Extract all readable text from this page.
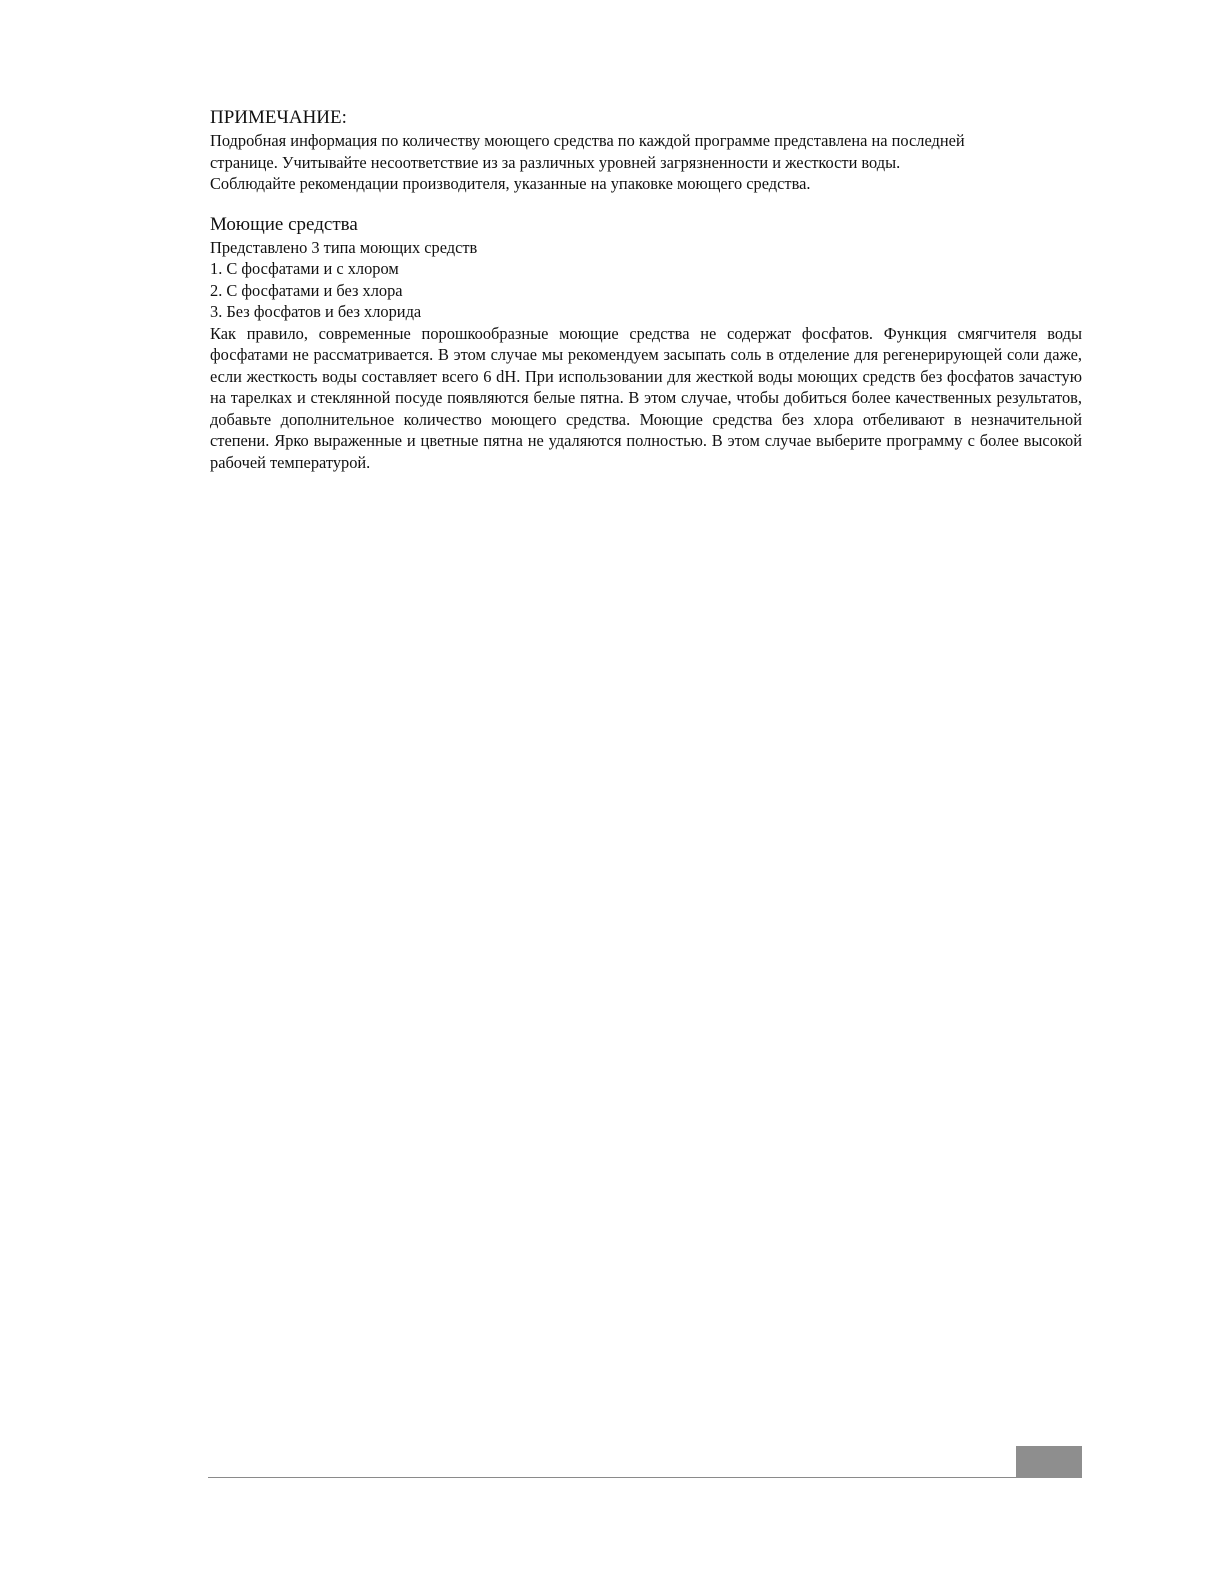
ПРИМЕЧАНИЕ:

Подробная информация по количеству моющего средства по каждой программе представлена на последней
странице. Учитывайте несоответствие из за различных уровней загрязненности и жесткости воды.
Соблюдайте рекомендации производителя, указанные на упаковке моющего средства.

Моющие средства

Представлено 3 типа моющих средств

1. С фосфатами и с хлором
2. С фосфатами и без хлора
3. Без фосфатов и без хлорида

Как правило, современные порошкообразные моющие средства не содержат фосфатов. Функция смягчителя воды фосфатами не рассматривается. В этом случае мы рекомендуем засыпать соль в отделение для регенерирующей соли даже, если жесткость воды составляет всего 6 dH. При использовании для жесткой воды моющих средств без фосфатов зачастую на тарелках и стеклянной посуде появляются белые пятна. В этом случае, чтобы добиться более качественных результатов, добавьте дополнительное количество моющего средства. Моющие средства без хлора отбеливают в незначительной степени. Ярко выраженные и цветные пятна не удаляются полностью. В этом случае выберите программу с более высокой рабочей температурой.
